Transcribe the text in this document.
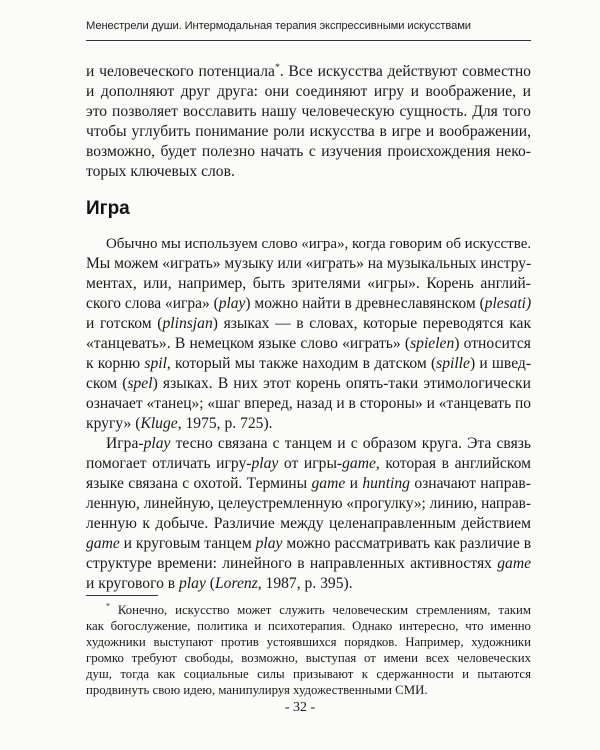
Менестрели души. Интермодальная терапия экспрессивными искусствами
и человеческого потенциала*. Все искусства действуют совместно
и дополняют друг друга: они соединяют игру и воображение, и
это позволяет восславить нашу человеческую сущность. Для того
чтобы углубить понимание роли искусства в игре и воображении,
возможно, будет полезно начать с изучения происхождения неко-
торых ключевых слов.
Игра
Обычно мы используем слово «игра», когда говорим об искусстве.
Мы можем «играть» музыку или «играть» на музыкальных инстру-
ментах, или, например, быть зрителями «игры». Корень англий-
ского слова «игра» (play) можно найти в древнеславянском (plesati)
и готском (plinsjan) языках — в словах, которые переводятся как
«танцевать». В немецком языке слово «играть» (spielen) относится
к корню spil, который мы также находим в датском (spille) и швед-
ском (spel) языках. В них этот корень опять-таки этимологически
означает «танец»; «шаг вперед, назад и в стороны» и «танцевать по
кругу» (Kluge, 1975, p. 725).
Игра-play тесно связана с танцем и с образом круга. Эта связь
помогает отличать игру-play от игры-game, которая в английском
языке связана с охотой. Термины game и hunting означают направ-
ленную, линейную, целеустремленную «прогулку»; линию, направ-
ленную к добыче. Различие между целенаправленным действием
game и круговым танцем play можно рассматривать как различие в
структуре времени: линейного в направленных активностях game
и кругового в play (Lorenz, 1987, p. 395).
* Конечно, искусство может служить человеческим стремлениям, таким
как богослужение, политика и психотерапия. Однако интересно, что именно
художники выступают против устоявшихся порядков. Например, художники
громко требуют свободы, возможно, выступая от имени всех человеческих
душ, тогда как социальные силы призывают к сдержанности и пытаются
продвинуть свою идею, манипулируя художественными СМИ.
- 32 -
